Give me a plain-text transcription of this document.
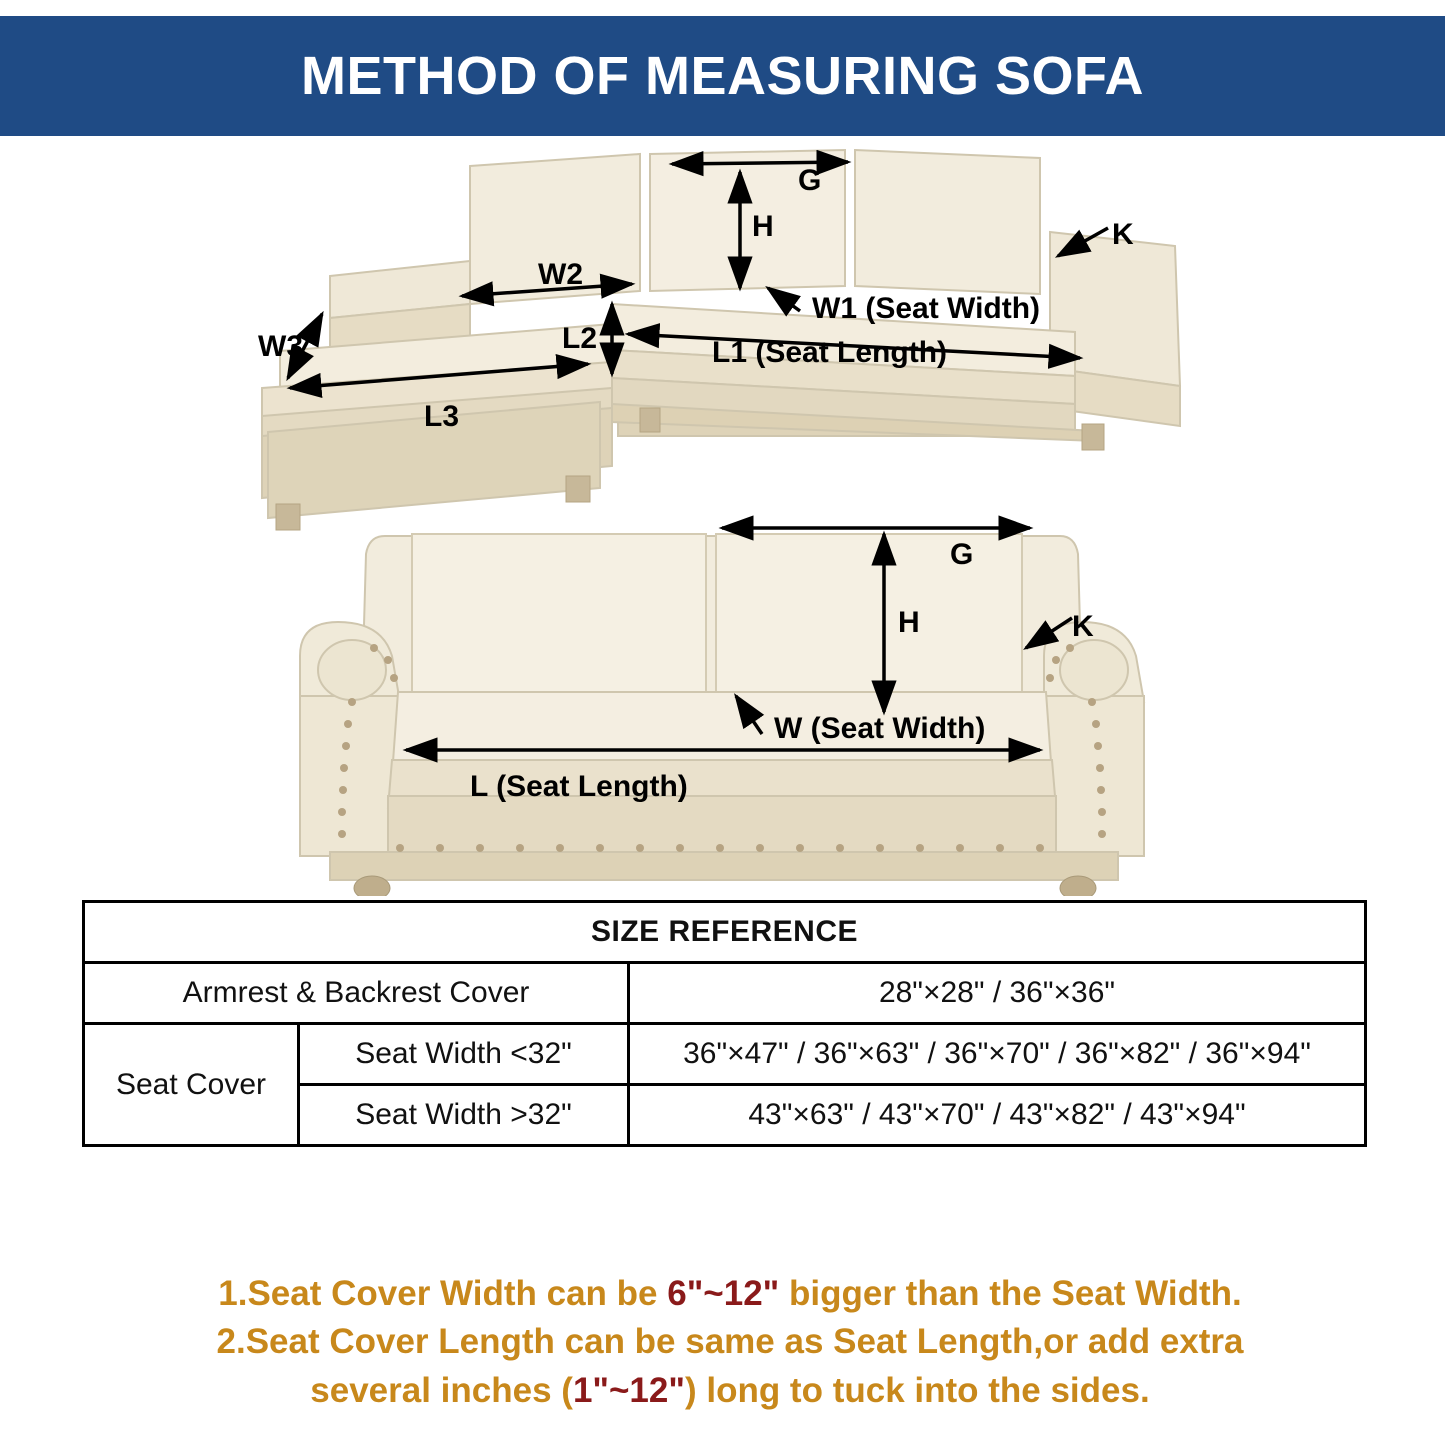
METHOD OF MEASURING SOFA
G
H	K
W1 (Seat Width)
L1 (Seat Length)
W2
L2
W3
L3
G
H	K
W (Seat Width)
L (Seat Length)
SIZE REFERENCE		
Armrest & Backrest Cover		28"×28" / 36"×36"
Seat Cover	Seat Width <32"	36"×47" / 36"×63" / 36"×70" / 36"×82" / 36"×94"
	Seat Width >32"	43"×63" / 43"×70" / 43"×82" / 43"×94"
1.Seat Cover Width can be 6"~12" bigger than the Seat Width.
2.Seat Cover Length can be same as Seat Length,or add extra
several inches (1"~12") long to tuck into the sides.
